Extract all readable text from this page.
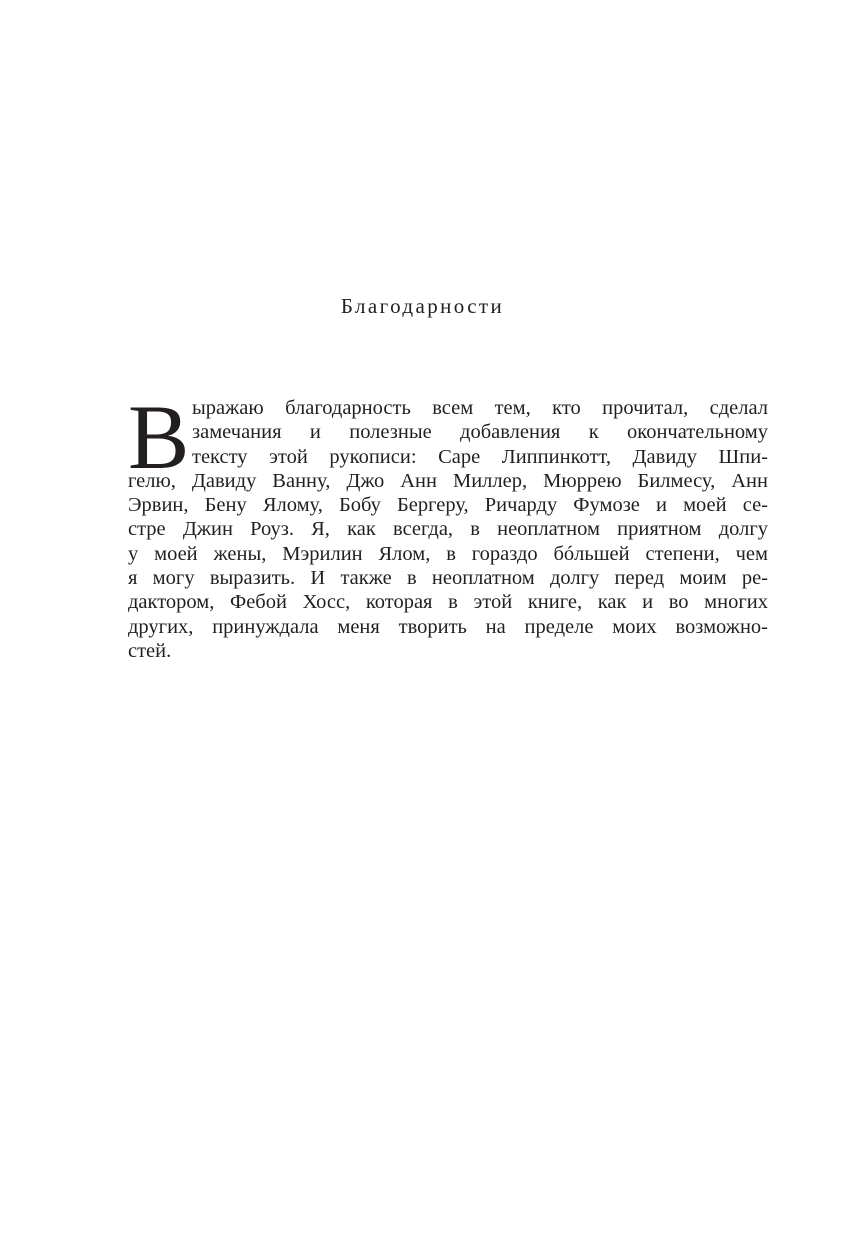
Благодарности
В ыражаю благодарность всем тем, кто прочитал, сделал
замечания и полезные добавления к окончательному
тексту этой рукописи: Саре Липпинкотт, Давиду Шпи-
гелю, Давиду Ванну, Джо Анн Миллер, Мюррею Билмесу, Анн
Эрвин, Бену Ялому, Бобу Бергеру, Ричарду Фумозе и моей се-
стре Джин Роуз. Я, как всегда, в неоплатном приятном долгу
у моей жены, Мэрилин Ялом, в гораздо бóльшей степени, чем
я могу выразить. И также в неоплатном долгу перед моим ре-
дактором, Фебой Хосс, которая в этой книге, как и во многих
других, принуждала меня творить на пределе моих возможно-
стей.
